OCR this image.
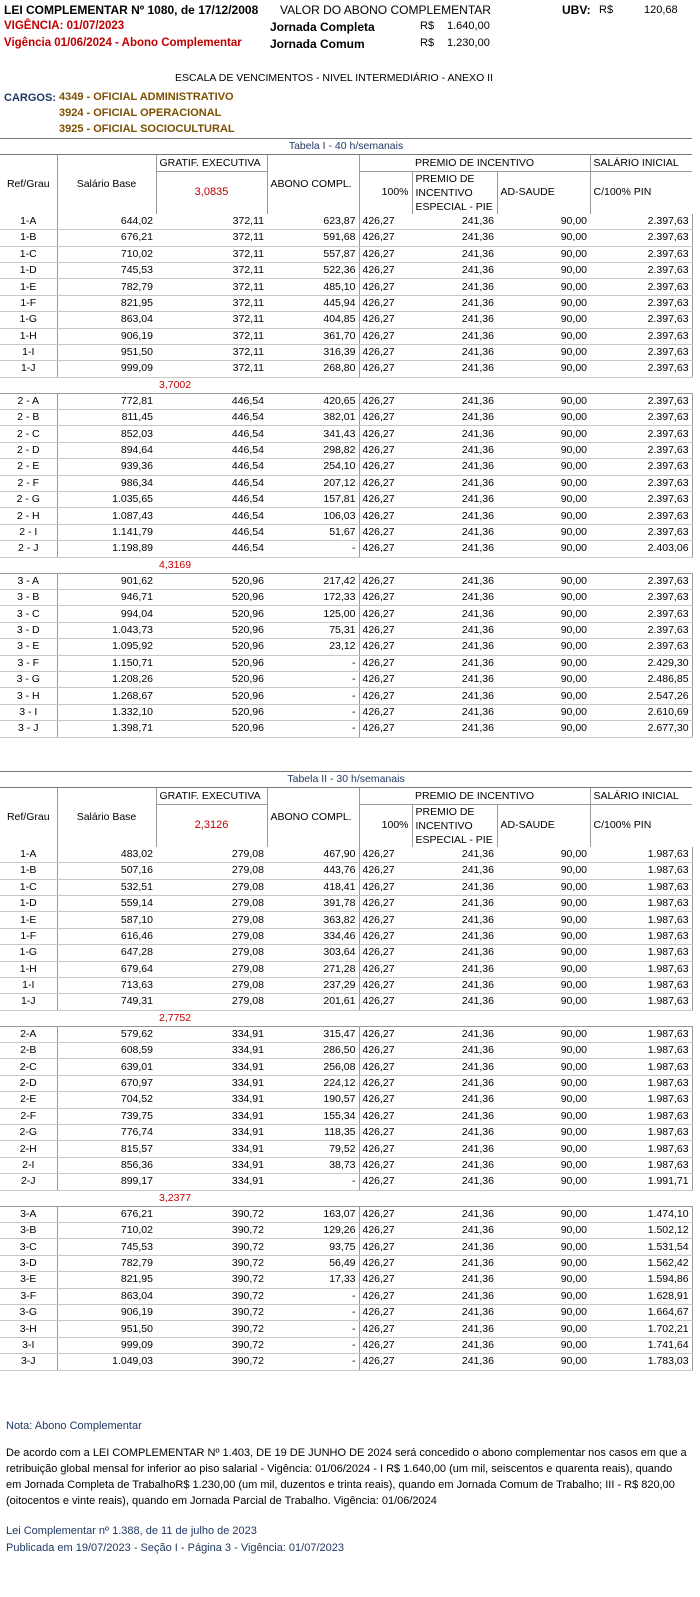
LEI COMPLEMENTAR Nº 1080, de 17/12/2008
VIGÊNCIA: 01/07/2023
Vigência 01/06/2024 - Abono Complementar
VALOR DO ABONO COMPLEMENTAR
Jornada Completa	R$ 1.640,00
Jornada Comum	R$ 1.230,00
UBV: R$	120,68
ESCALA DE VENCIMENTOS - NIVEL INTERMEDIÁRIO - ANEXO II
CARGOS: 4349 - OFICIAL ADMINISTRATIVO
3924 - OFICIAL OPERACIONAL
3925 - OFICIAL SOCIOCULTURAL
Tabela I - 40 h/semanais							
Ref/Grau	Salário Base	GRATIF. EXECUTIVA	ABONO COMPL.	PREMIO DE INCENTIVO			SALÁRIO INICIAL
		3,0835		100%	PREMIO DE INCENTIVO ESPECIAL - PIE	AD-SAUDE	C/100% PIN

1-A	644,02	372,11	623,87	426,27	241,36	90,00	2.397,63
1-B	676,21	372,11	591,68	426,27	241,36	90,00	2.397,63
1-C	710,02	372,11	557,87	426,27	241,36	90,00	2.397,63
1-D	745,53	372,11	522,36	426,27	241,36	90,00	2.397,63
1-E	782,79	372,11	485,10	426,27	241,36	90,00	2.397,63
1-F	821,95	372,11	445,94	426,27	241,36	90,00	2.397,63
1-G	863,04	372,11	404,85	426,27	241,36	90,00	2.397,63
1-H	906,19	372,11	361,70	426,27	241,36	90,00	2.397,63
1-I	951,50	372,11	316,39	426,27	241,36	90,00	2.397,63
1-J	999,09	372,11	268,80	426,27	241,36	90,00	2.397,63
		3,7002					
2 - A	772,81	446,54	420,65	426,27	241,36	90,00	2.397,63
2 - B	811,45	446,54	382,01	426,27	241,36	90,00	2.397,63
2 - C	852,03	446,54	341,43	426,27	241,36	90,00	2.397,63
2 - D	894,64	446,54	298,82	426,27	241,36	90,00	2.397,63
2 - E	939,36	446,54	254,10	426,27	241,36	90,00	2.397,63
2 - F	986,34	446,54	207,12	426,27	241,36	90,00	2.397,63
2 - G	1.035,65	446,54	157,81	426,27	241,36	90,00	2.397,63
2 - H	1.087,43	446,54	106,03	426,27	241,36	90,00	2.397,63
2 - I	1.141,79	446,54	51,67	426,27	241,36	90,00	2.397,63
2 - J	1.198,89	446,54	-	426,27	241,36	90,00	2.403,06
		4,3169					
3 - A	901,62	520,96	217,42	426,27	241,36	90,00	2.397,63
3 - B	946,71	520,96	172,33	426,27	241,36	90,00	2.397,63
3 - C	994,04	520,96	125,00	426,27	241,36	90,00	2.397,63
3 - D	1.043,73	520,96	75,31	426,27	241,36	90,00	2.397,63
3 - E	1.095,92	520,96	23,12	426,27	241,36	90,00	2.397,63
3 - F	1.150,71	520,96	-	426,27	241,36	90,00	2.429,30
3 - G	1.208,26	520,96	-	426,27	241,36	90,00	2.486,85
3 - H	1.268,67	520,96	-	426,27	241,36	90,00	2.547,26
3 - I	1.332,10	520,96	-	426,27	241,36	90,00	2.610,69
3 - J	1.398,71	520,96	-	426,27	241,36	90,00	2.677,30
Tabela II - 30 h/semanais							
Ref/Grau	Salário Base	GRATIF. EXECUTIVA	ABONO COMPL.	PREMIO DE INCENTIVO			SALÁRIO INICIAL
		2,3126		100%	PREMIO DE INCENTIVO ESPECIAL - PIE	AD-SAUDE	C/100% PIN

1-A	483,02	279,08	467,90	426,27	241,36	90,00	1.987,63
1-B	507,16	279,08	443,76	426,27	241,36	90,00	1.987,63
1-C	532,51	279,08	418,41	426,27	241,36	90,00	1.987,63
1-D	559,14	279,08	391,78	426,27	241,36	90,00	1.987,63
1-E	587,10	279,08	363,82	426,27	241,36	90,00	1.987,63
1-F	616,46	279,08	334,46	426,27	241,36	90,00	1.987,63
1-G	647,28	279,08	303,64	426,27	241,36	90,00	1.987,63
1-H	679,64	279,08	271,28	426,27	241,36	90,00	1.987,63
1-I	713,63	279,08	237,29	426,27	241,36	90,00	1.987,63
1-J	749,31	279,08	201,61	426,27	241,36	90,00	1.987,63
		2,7752					
2-A	579,62	334,91	315,47	426,27	241,36	90,00	1.987,63
2-B	608,59	334,91	286,50	426,27	241,36	90,00	1.987,63
2-C	639,01	334,91	256,08	426,27	241,36	90,00	1.987,63
2-D	670,97	334,91	224,12	426,27	241,36	90,00	1.987,63
2-E	704,52	334,91	190,57	426,27	241,36	90,00	1.987,63
2-F	739,75	334,91	155,34	426,27	241,36	90,00	1.987,63
2-G	776,74	334,91	118,35	426,27	241,36	90,00	1.987,63
2-H	815,57	334,91	79,52	426,27	241,36	90,00	1.987,63
2-I	856,36	334,91	38,73	426,27	241,36	90,00	1.987,63
2-J	899,17	334,91	-	426,27	241,36	90,00	1.991,71
		3,2377					
3-A	676,21	390,72	163,07	426,27	241,36	90,00	1.474,10
3-B	710,02	390,72	129,26	426,27	241,36	90,00	1.502,12
3-C	745,53	390,72	93,75	426,27	241,36	90,00	1.531,54
3-D	782,79	390,72	56,49	426,27	241,36	90,00	1.562,42
3-E	821,95	390,72	17,33	426,27	241,36	90,00	1.594,86
3-F	863,04	390,72	-	426,27	241,36	90,00	1.628,91
3-G	906,19	390,72	-	426,27	241,36	90,00	1.664,67
3-H	951,50	390,72	-	426,27	241,36	90,00	1.702,21
3-I	999,09	390,72	-	426,27	241,36	90,00	1.741,64
3-J	1.049,03	390,72	-	426,27	241,36	90,00	1.783,03
Nota: Abono Complementar
De acordo com a LEI COMPLEMENTAR Nº 1.403, DE 19 DE JUNHO DE 2024 será concedido o abono complementar nos casos em que a retribuição global mensal for inferior ao piso salarial - Vigência: 01/06/2024 - I R$ 1.640,00 (um mil, seiscentos e quarenta reais), quando em Jornada Completa de TrabalhoR$ 1.230,00 (um mil, duzentos e trinta reais), quando em Jornada Comum de Trabalho; III - R$ 820,00 (oitocentos e vinte reais), quando em Jornada Parcial de Trabalho. Vigência: 01/06/2024
Lei Complementar nº 1.388, de 11 de julho de 2023
Publicada em 19/07/2023 - Seção I - Página 3 - Vigência: 01/07/2023
